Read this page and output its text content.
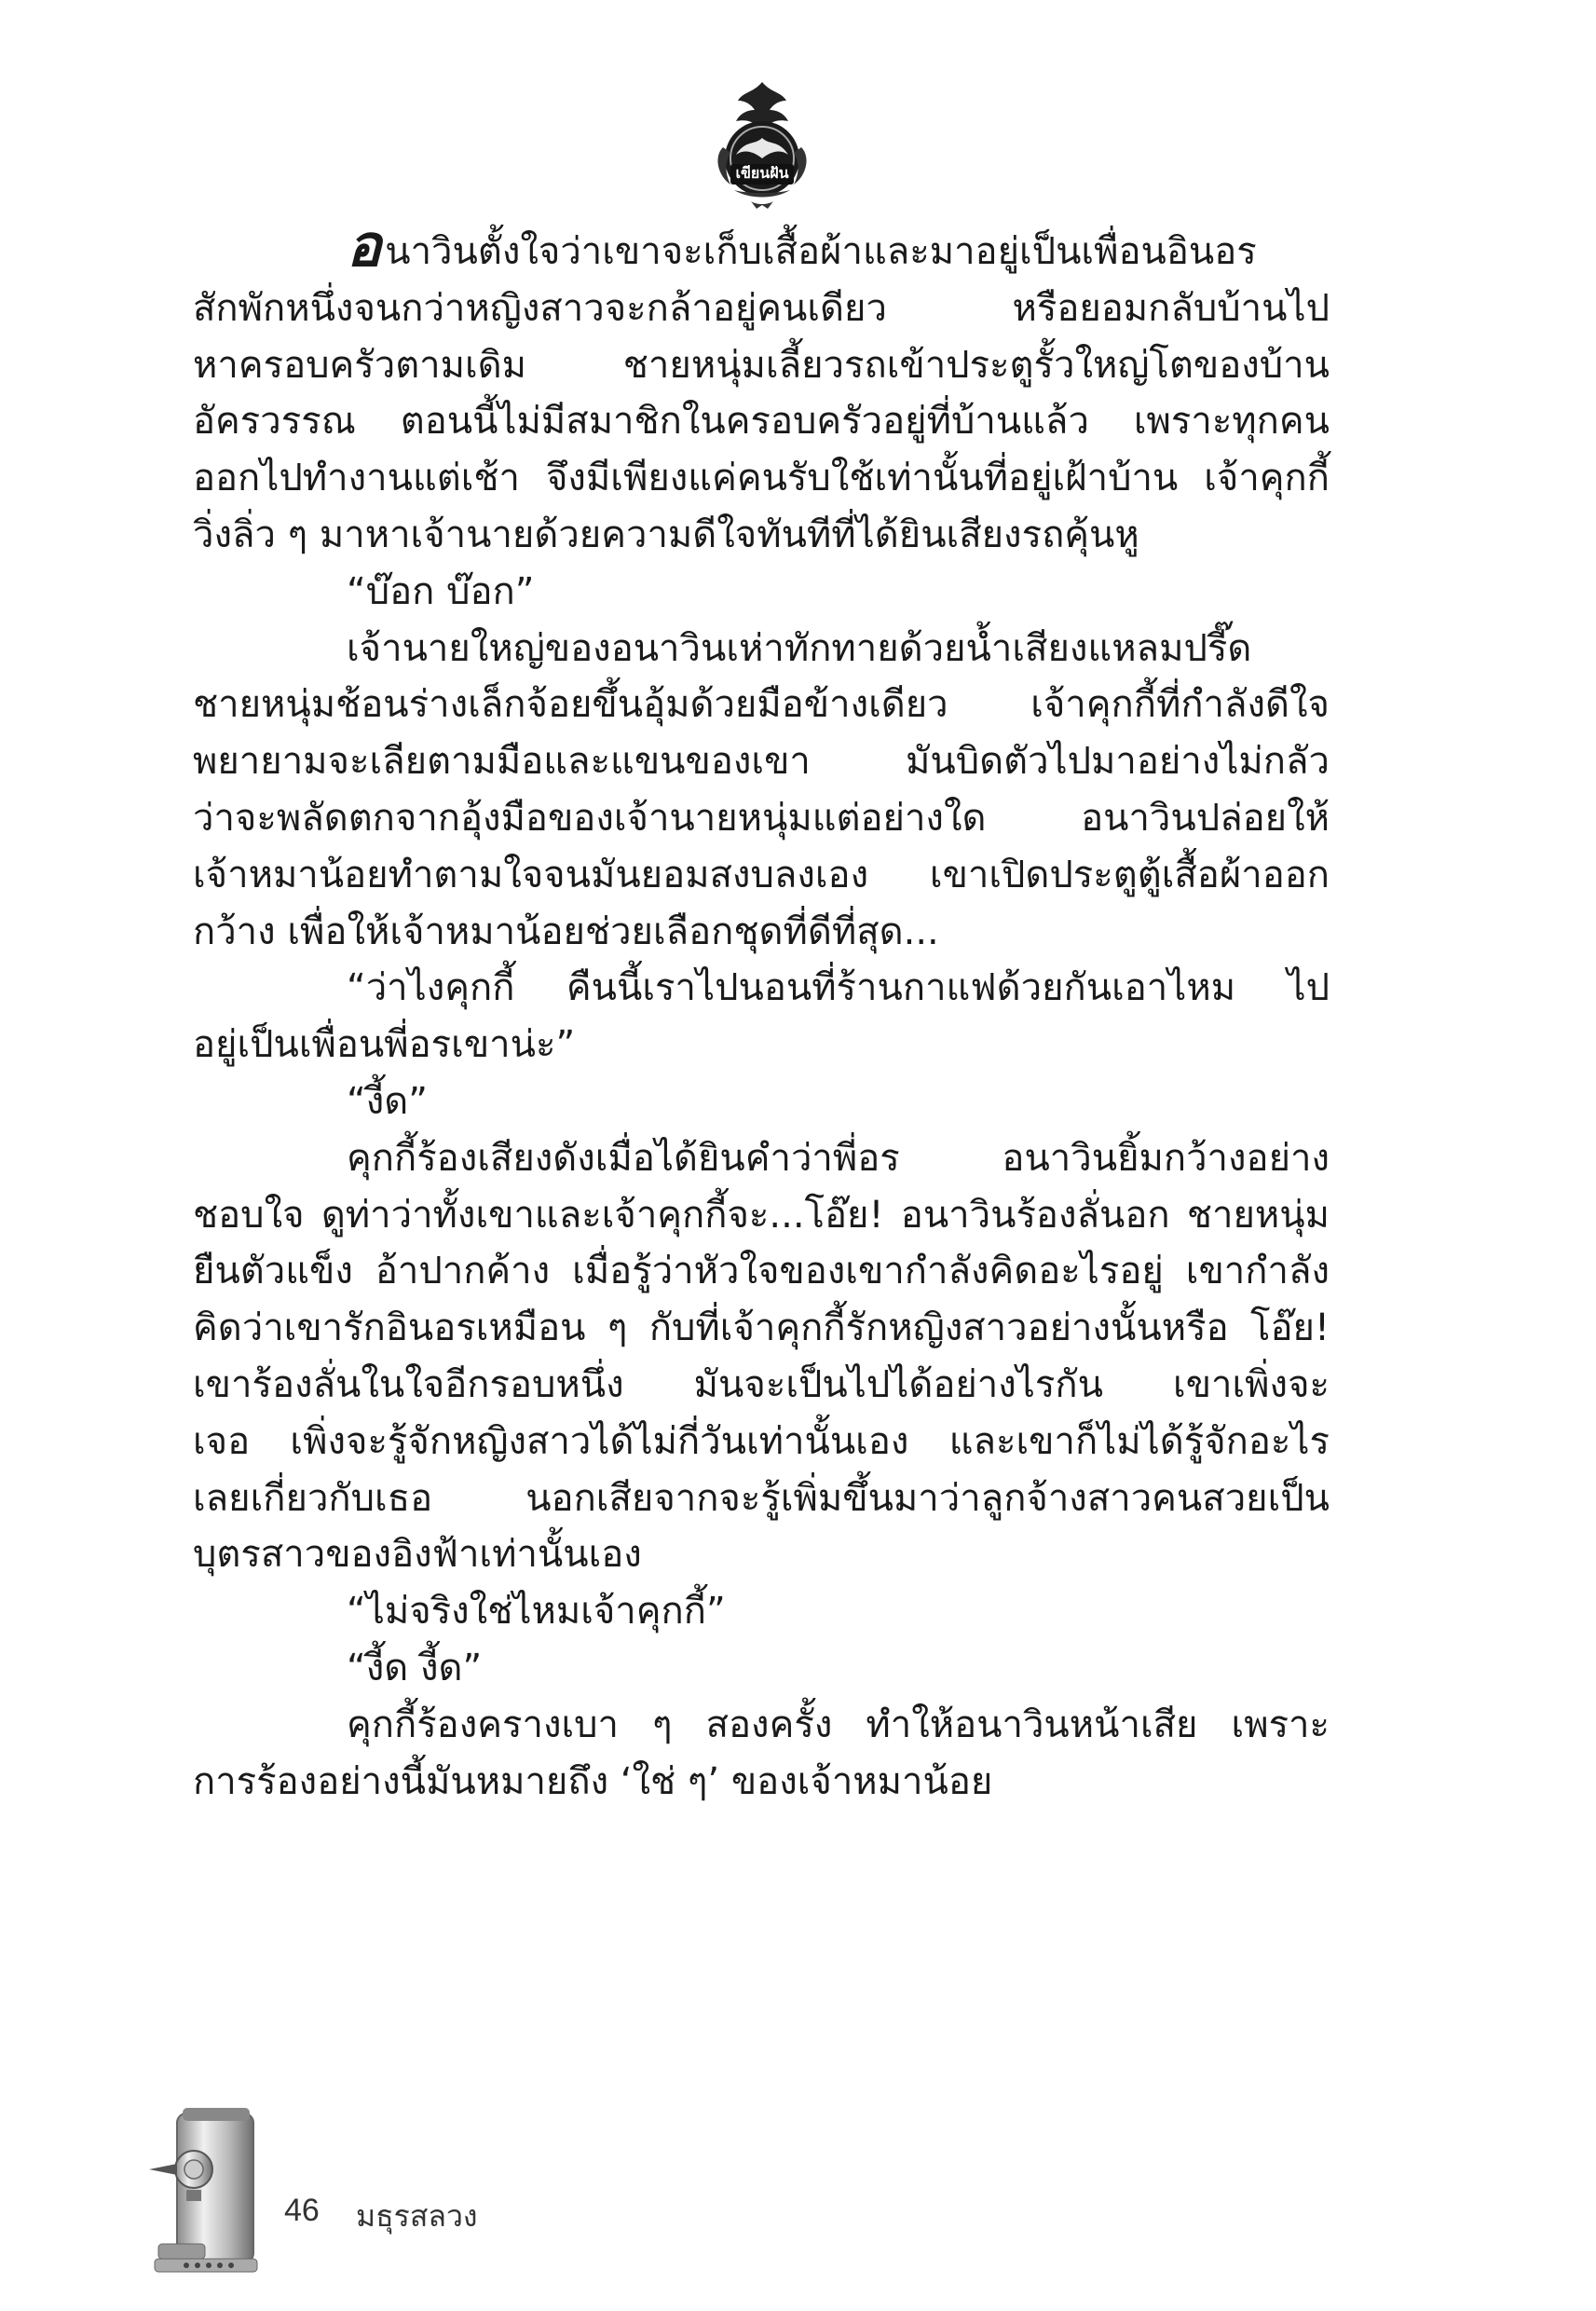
เขียนฝัน
อนาวินตั้งใจว่าเขาจะเก็บเสื้อผ้าและมาอยู่เป็นเพื่อนอินอร
สักพักหนึ่งจนกว่าหญิงสาวจะกล้าอยู่คนเดียว หรือยอมกลับบ้านไป
หาครอบครัวตามเดิม ชายหนุ่มเลี้ยวรถเข้าประตูรั้วใหญ่โตของบ้าน
อัครวรรณ ตอนนี้ไม่มีสมาชิกในครอบครัวอยู่ที่บ้านแล้ว เพราะทุกคน
ออกไปทำงานแต่เช้า จึงมีเพียงแค่คนรับใช้เท่านั้นที่อยู่เฝ้าบ้าน เจ้าคุกกี้
วิ่งลิ่ว ๆ มาหาเจ้านายด้วยความดีใจทันทีที่ได้ยินเสียงรถคุ้นหู
“บ๊อก บ๊อก”
เจ้านายใหญ่ของอนาวินเห่าทักทายด้วยน้ำเสียงแหลมปรี๊ด
ชายหนุ่มช้อนร่างเล็กจ้อยขึ้นอุ้มด้วยมือข้างเดียว เจ้าคุกกี้ที่กำลังดีใจ
พยายามจะเลียตามมือและแขนของเขา มันบิดตัวไปมาอย่างไม่กลัว
ว่าจะพลัดตกจากอุ้งมือของเจ้านายหนุ่มแต่อย่างใด อนาวินปล่อยให้
เจ้าหมาน้อยทำตามใจจนมันยอมสงบลงเอง เขาเปิดประตูตู้เสื้อผ้าออก
กว้าง เพื่อให้เจ้าหมาน้อยช่วยเลือกชุดที่ดีที่สุด...
“ว่าไงคุกกี้ คืนนี้เราไปนอนที่ร้านกาแฟด้วยกันเอาไหม ไป
อยู่เป็นเพื่อนพี่อรเขาน่ะ”
“งี้ด”
คุกกี้ร้องเสียงดังเมื่อได้ยินคำว่าพี่อร อนาวินยิ้มกว้างอย่าง
ชอบใจ ดูท่าว่าทั้งเขาและเจ้าคุกกี้จะ...โอ๊ย! อนาวินร้องลั่นอก ชายหนุ่ม
ยืนตัวแข็ง อ้าปากค้าง เมื่อรู้ว่าหัวใจของเขากำลังคิดอะไรอยู่ เขากำลัง
คิดว่าเขารักอินอรเหมือน ๆ กับที่เจ้าคุกกี้รักหญิงสาวอย่างนั้นหรือ โอ๊ย!
เขาร้องลั่นในใจอีกรอบหนึ่ง มันจะเป็นไปได้อย่างไรกัน เขาเพิ่งจะ
เจอ เพิ่งจะรู้จักหญิงสาวได้ไม่กี่วันเท่านั้นเอง และเขาก็ไม่ได้รู้จักอะไร
เลยเกี่ยวกับเธอ นอกเสียจากจะรู้เพิ่มขึ้นมาว่าลูกจ้างสาวคนสวยเป็น
บุตรสาวของอิงฟ้าเท่านั้นเอง
“ไม่จริงใช่ไหมเจ้าคุกกี้”
“งี้ด งี้ด”
คุกกี้ร้องครางเบา ๆ สองครั้ง ทำให้อนาวินหน้าเสีย เพราะ
การร้องอย่างนี้มันหมายถึง ‘ใช่ ๆ’ ของเจ้าหมาน้อย
46 มธุรสลวง
